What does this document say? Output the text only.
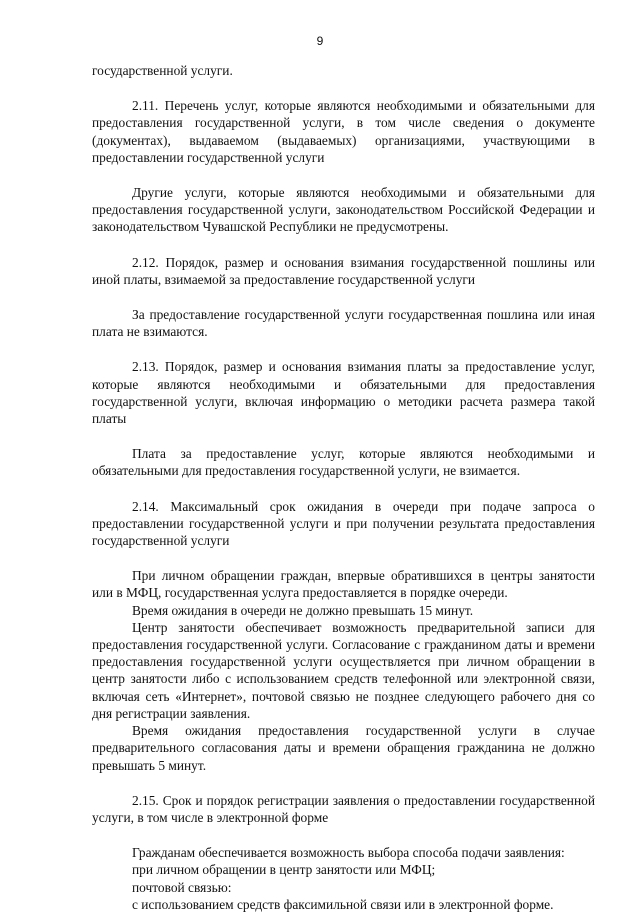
9

государственной услуги.

2.11. Перечень услуг, которые являются необходимыми и обязательными для предоставления государственной услуги, в том числе сведения о документе (документах), выдаваемом (выдаваемых) организациями, участвующими в предоставлении государственной услуги

Другие услуги, которые являются необходимыми и обязательными для предоставления государственной услуги, законодательством Российской Федерации и законодательством Чувашской Республики не предусмотрены.

2.12. Порядок, размер и основания взимания государственной пошлины или иной платы, взимаемой за предоставление государственной услуги

За предоставление государственной услуги государственная пошлина или иная плата не взимаются.

2.13. Порядок, размер и основания взимания платы за предоставление услуг, которые являются необходимыми и обязательными для предоставления государственной услуги, включая информацию о методики расчета размера такой платы

Плата за предоставление услуг, которые являются необходимыми и обязательными для предоставления государственной услуги, не взимается.

2.14. Максимальный срок ожидания в очереди при подаче запроса о предоставлении государственной услуги и при получении результата предоставления государственной услуги

При личном обращении граждан, впервые обратившихся в центры занятости или в МФЦ, государственная услуга предоставляется в порядке очереди.

Время ожидания в очереди не должно превышать 15 минут.

Центр занятости обеспечивает возможность предварительной записи для предоставления государственной услуги. Согласование с гражданином даты и времени предоставления государственной услуги осуществляется при личном обращении в центр занятости либо с использованием средств телефонной или электронной связи, включая сеть «Интернет», почтовой связью не позднее следующего рабочего дня со дня регистрации заявления.

Время ожидания предоставления государственной услуги в случае предварительного согласования даты и времени обращения гражданина не должно превышать 5 минут.

2.15. Срок и порядок регистрации заявления о предоставлении государственной услуги, в том числе в электронной форме

Гражданам обеспечивается возможность выбора способа подачи заявления:

при личном обращении в центр занятости или МФЦ;

почтовой связью:

с использованием средств факсимильной связи или в электронной форме.
